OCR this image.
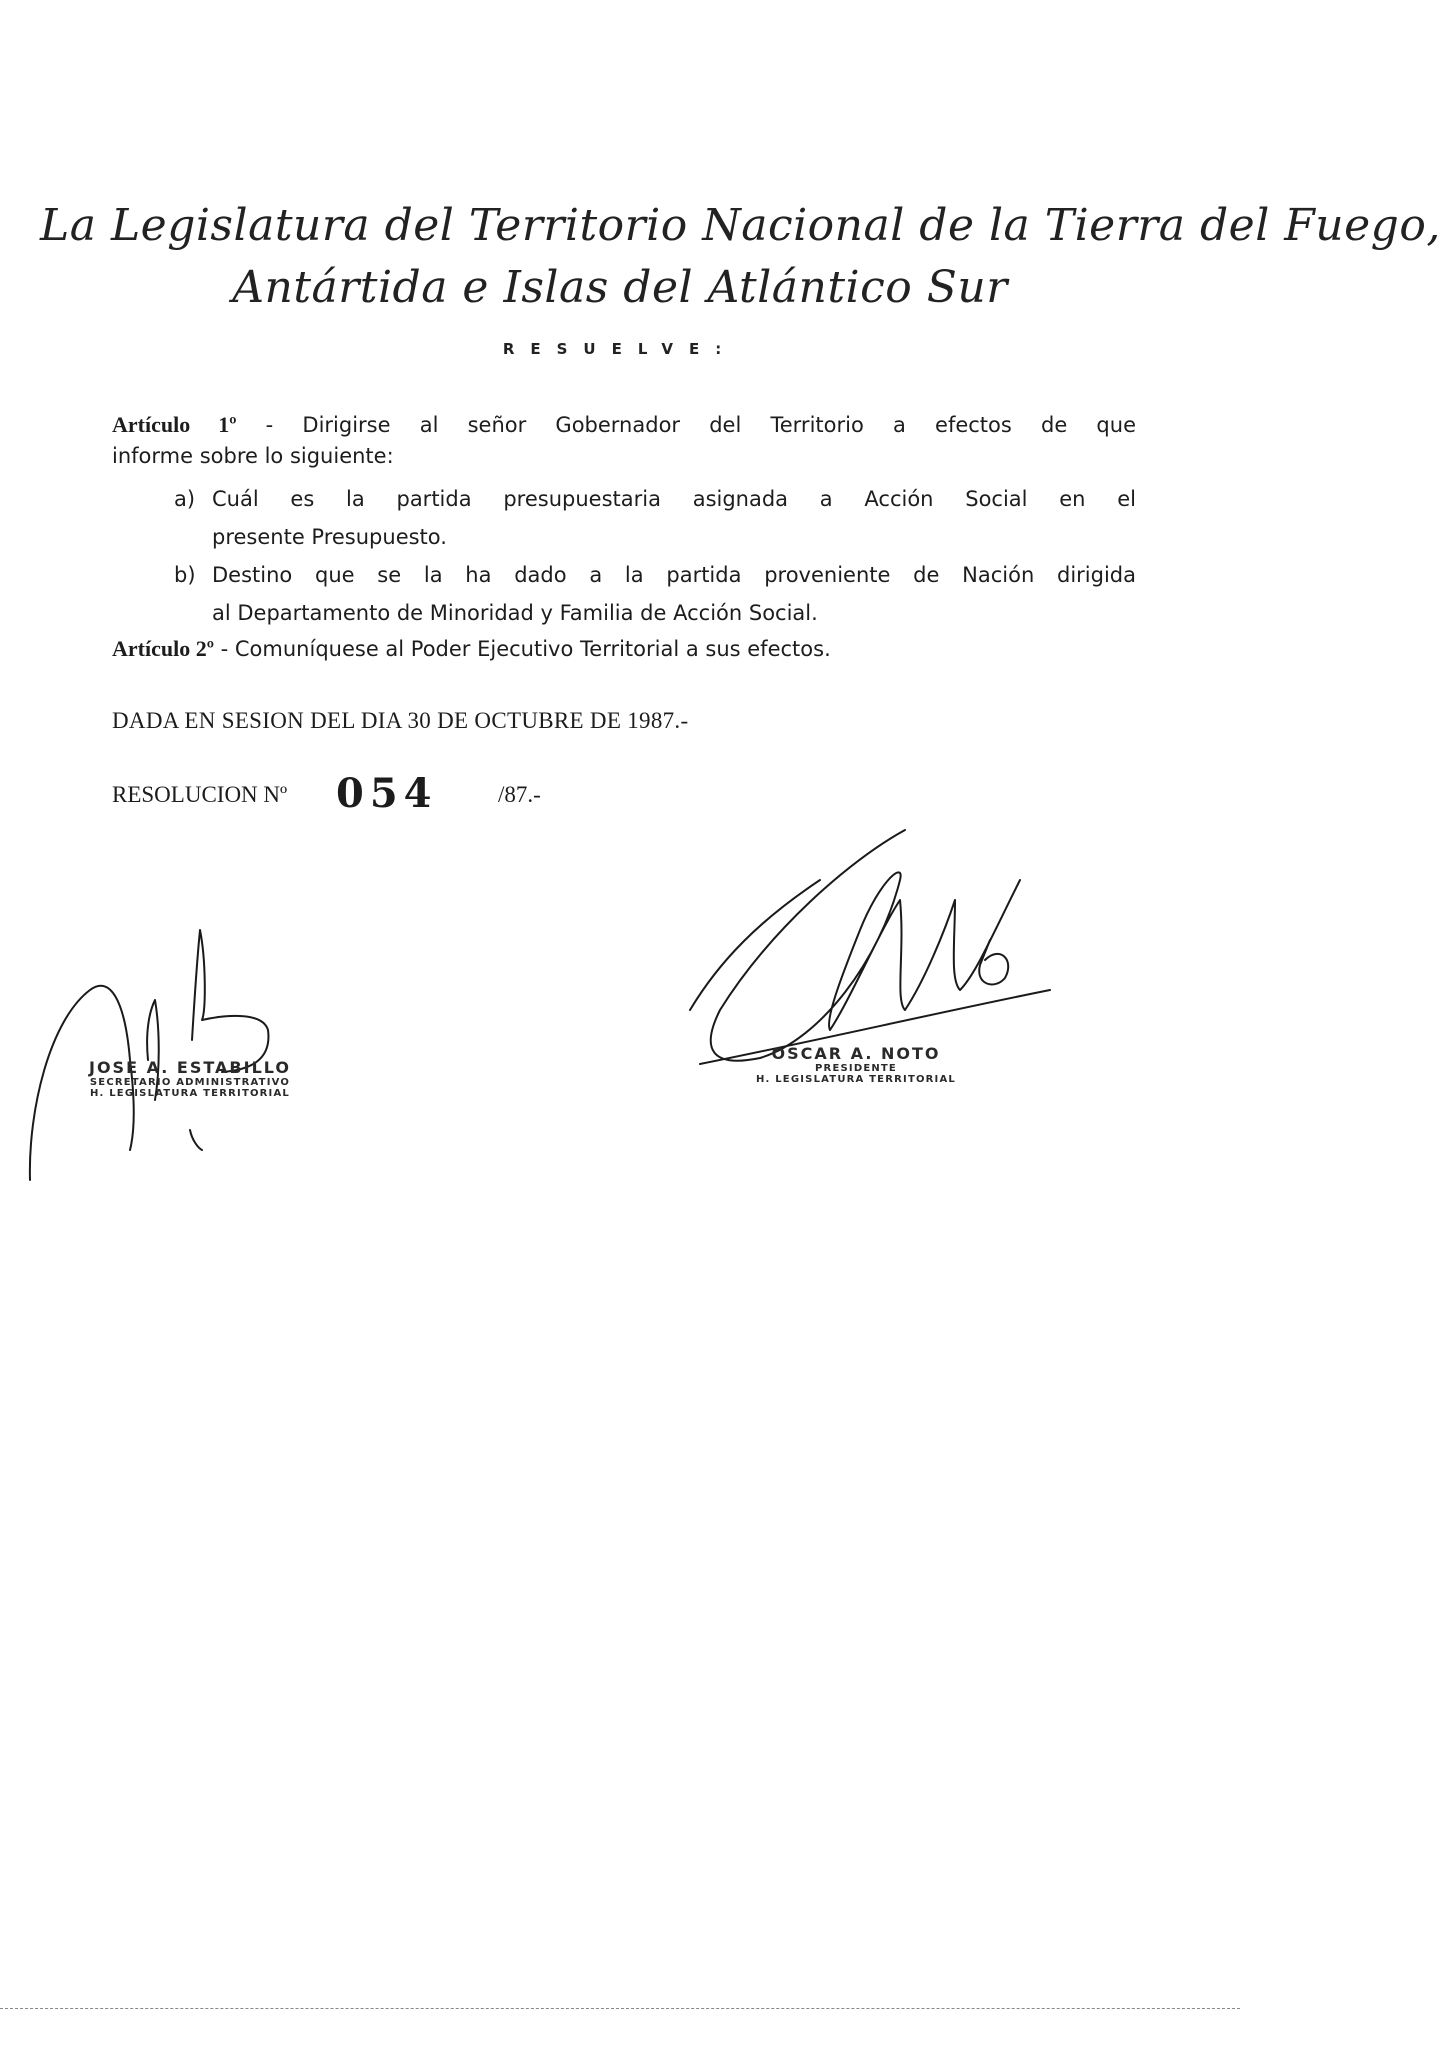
La Legislatura del Territorio Nacional de la Tierra del Fuego,
Antártida e Islas del Atlántico Sur
RESUELVE:
Artículo 1º - Dirigirse al señor Gobernador del Territorio a efectos de que
informe sobre lo siguiente:
a) Cuál es la partida presupuestaria asignada a Acción Social en el
presente Presupuesto.
b) Destino que se la ha dado a la partida proveniente de Nación dirigida
al Departamento de Minoridad y Familia de Acción Social.
Artículo 2º - Comuníquese al Poder Ejecutivo Territorial a sus efectos.
DADA EN SESION DEL DIA 30 DE OCTUBRE DE 1987.-
RESOLUCION Nº 054	/87.-
OSCAR A. NOTO
PRESIDENTE
H. LEGISLATURA TERRITORIAL
JOSE A. ESTABILLO
SECRETARIO ADMINISTRATIVO
H. LEGISLATURA TERRITORIAL
